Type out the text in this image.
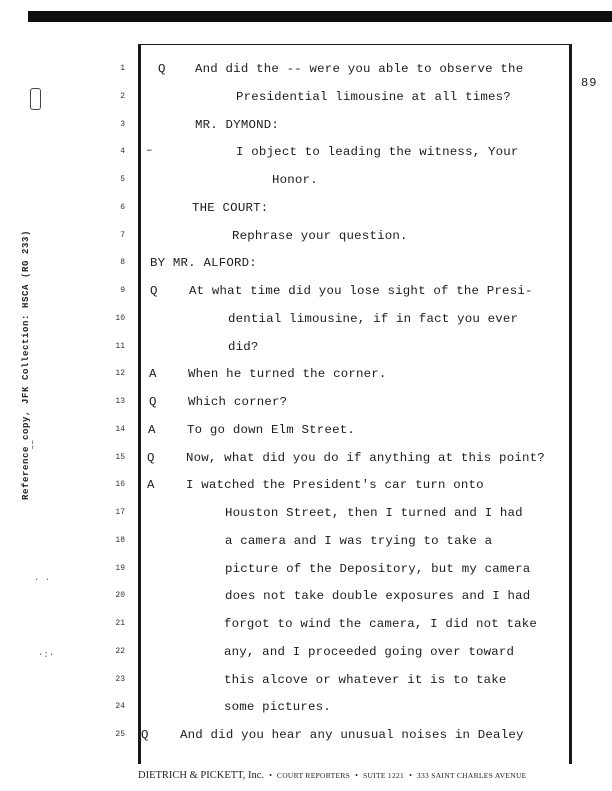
¦
· ·
·:·
Reference copy, JFK Collection: HSCA (RG 233)
89
1	Q And did the -- were you able to observe the
2	Presidential limousine at all times?
3	MR. DYMOND:
4	I object to leading the witness, Your
5	Honor.
6	THE COURT:
7	Rephrase your question.
8 BY MR. ALFORD:
9 Q	At what time did you lose sight of the Presi-
10	dential limousine, if in fact you ever
11	did?
12 A	When he turned the corner.
13 Q	Which corner?
14 A	To go down Elm Street.
15 Q	Now, what did you do if anything at this point?
16 A	I watched the President's car turn onto
17	Houston Street, then I turned and I had
18	a camera and I was trying to take a
19	picture of the Depository, but my camera
20	does not take double exposures and I had
21	forgot to wind the camera, I did not take
22	any, and I proceeded going over toward
23	this alcove or whatever it is to take
24	some pictures.
25 Q	And did you hear any unusual noises in Dealey
–
DIETRICH & PICKETT, Inc. • COURT REPORTERS • SUITE 1221 • 333 SAINT CHARLES AVENUE
